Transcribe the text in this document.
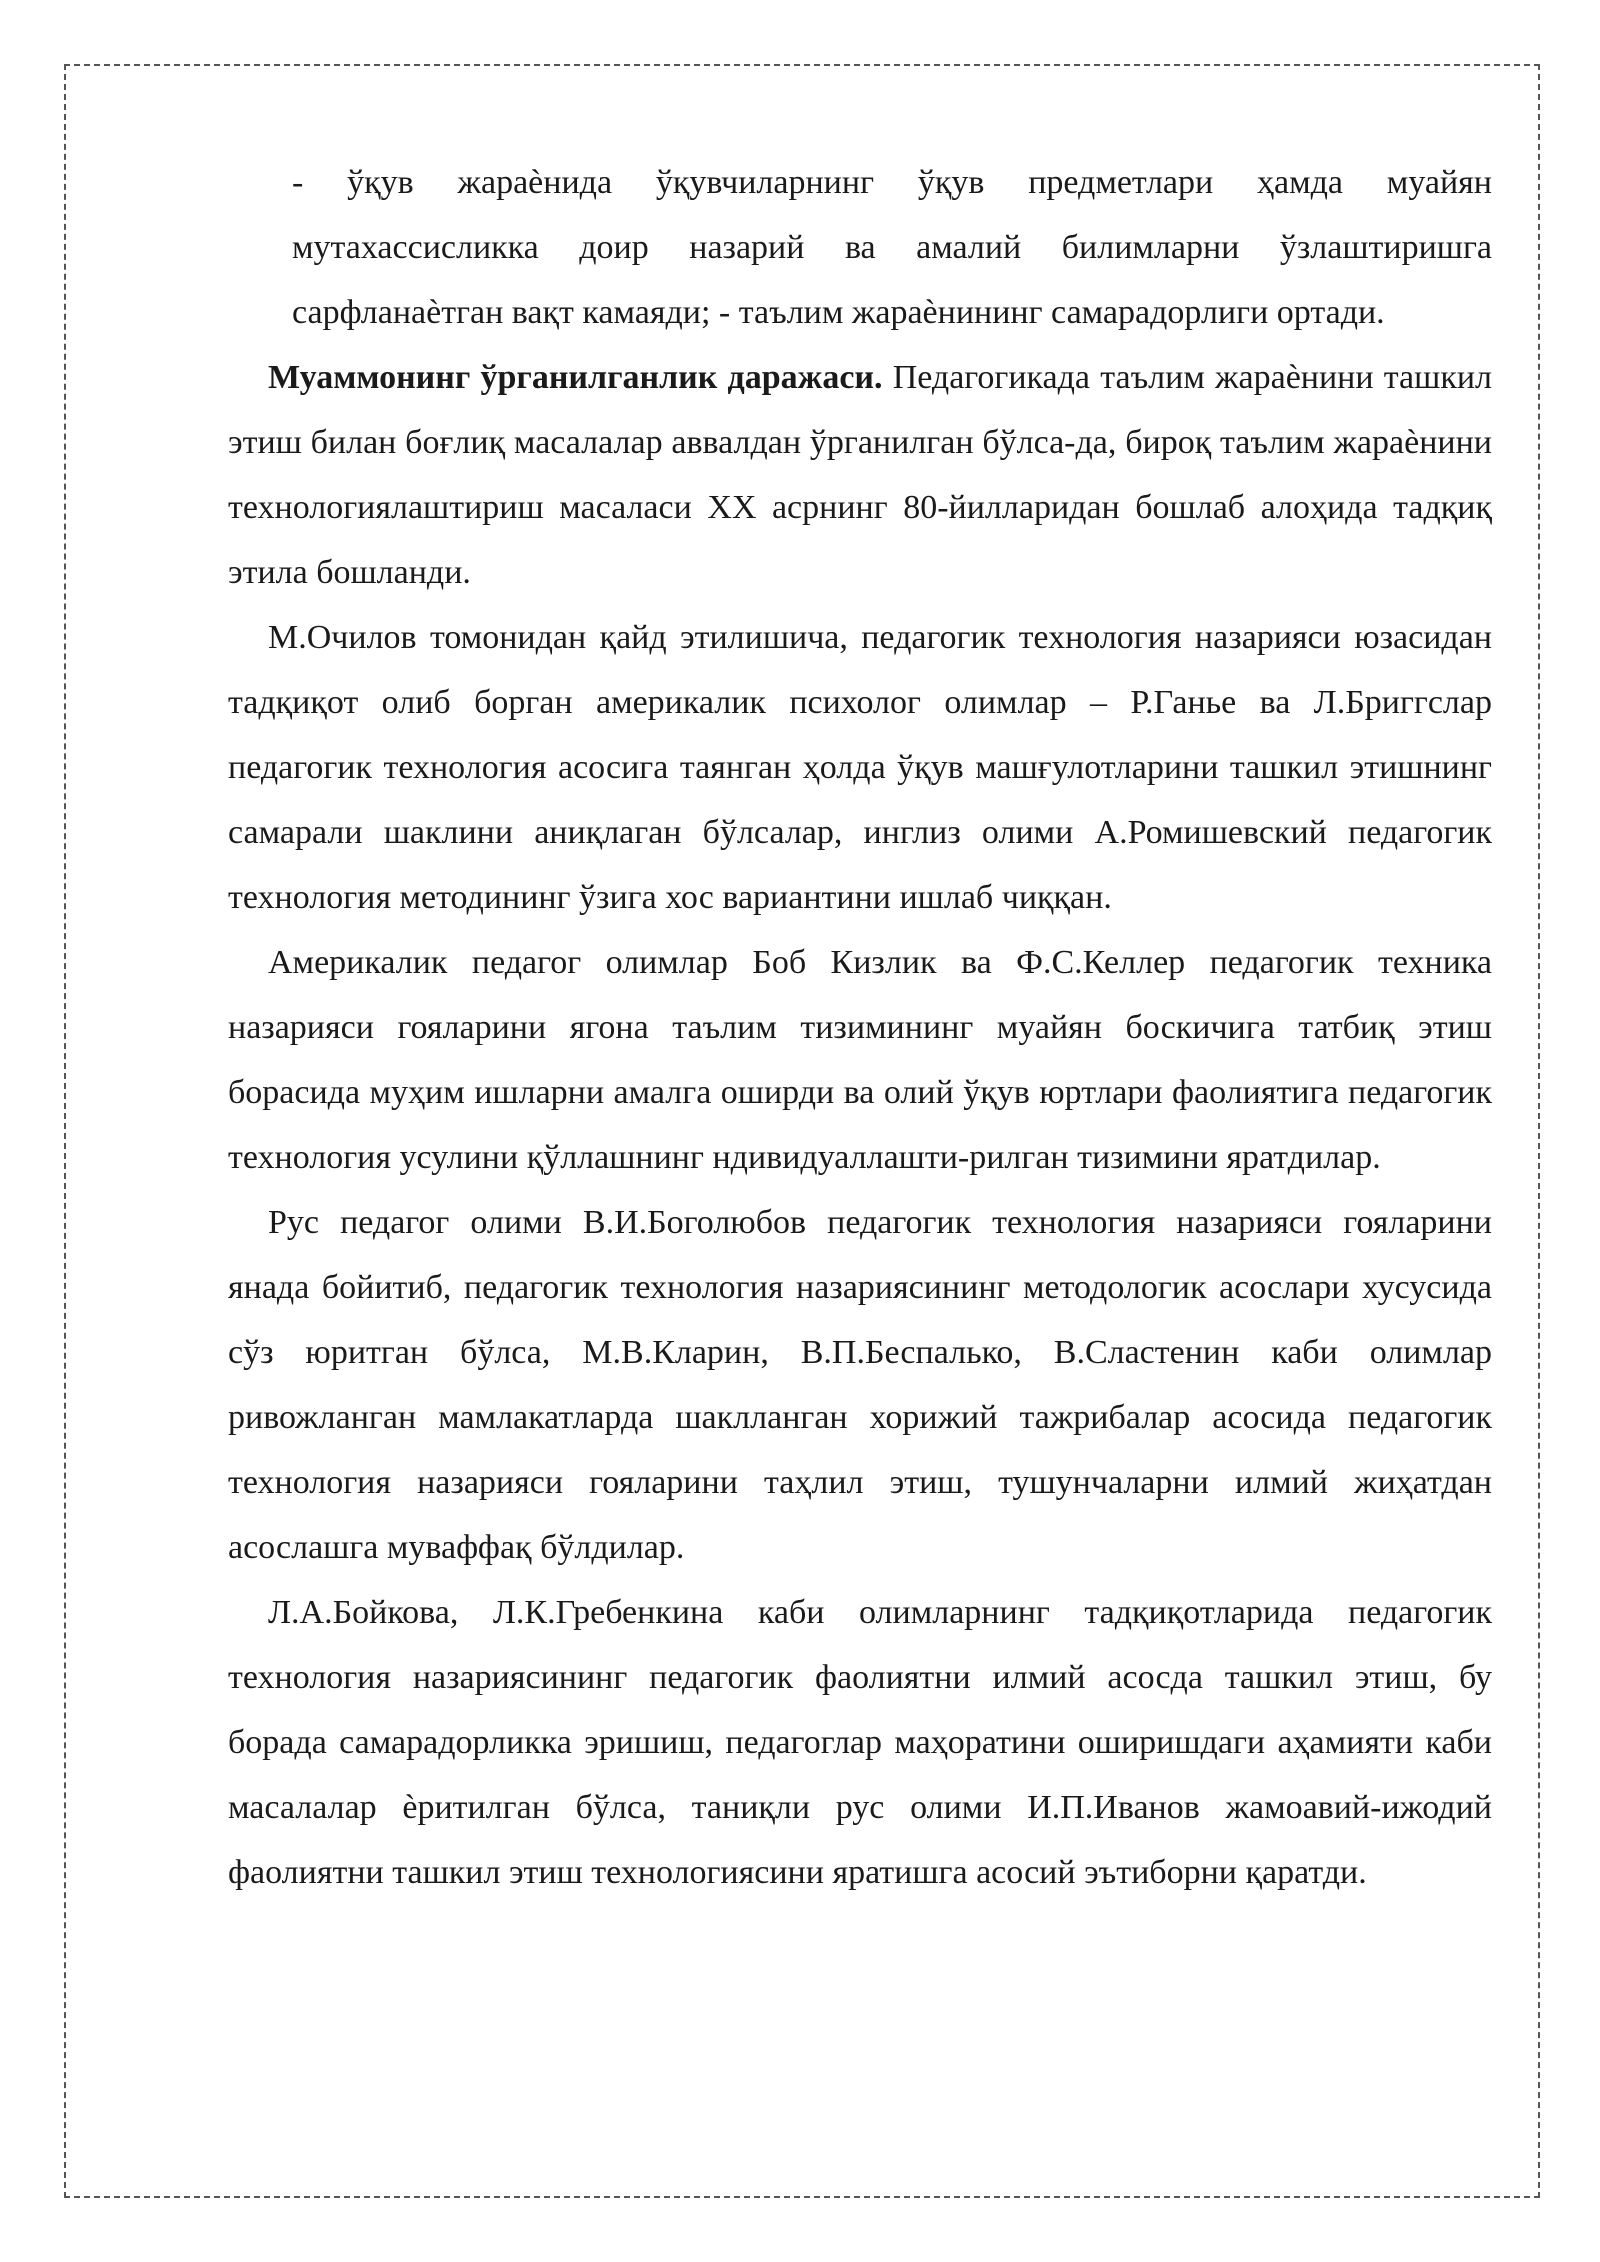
- ўқув жараѐнида ўқувчиларнинг ўқув предметлари ҳамда муайян мутахассисликка доир назарий ва амалий билимларни ўзлаштиришга сарфланаѐтган вақт камаяди; - таълим жараѐнининг самарадорлиги ортади.

Муаммонинг ўрганилганлик даражаси. Педагогикада таълим жараѐнини ташкил этиш билан боғлиқ масалалар аввалдан ўрганилган бўлса-да, бироқ таълим жараѐнини технологиялаштириш масаласи XX асрнинг 80-йилларидан бошлаб алоҳида тадқиқ этила бошланди.

М.Очилов томонидан қайд этилишича, педагогик технология назарияси юзасидан тадқиқот олиб борган америкалик психолог олимлар – Р.Ганье ва Л.Бриггслар педагогик технология асосига таянган ҳолда ўқув машғулотларини ташкил этишнинг самарали шаклини аниқлаган бўлсалар, инглиз олими А.Ромишевский педагогик технология методининг ўзига хос вариантини ишлаб чиққан.

Америкалик педагог олимлар Боб Кизлик ва Ф.С.Келлер педагогик техника назарияси гояларини ягона таълим тизимининг муайян боскичига татбиқ этиш борасида муҳим ишларни амалга оширди ва олий ўқув юртлари фаолиятига педагогик технология усулини қўллашнинг ндивидуаллашти-рилган тизимини яратдилар.

Рус педагог олими В.И.Боголюбов педагогик технология назарияси гояларини янада бойитиб, педагогик технология назариясининг методологик асослари хусусида сўз юритган бўлса, М.В.Кларин, В.П.Беспалько, В.Сластенин каби олимлар ривожланган мамлакатларда шаклланган хорижий тажрибалар асосида педагогик технология назарияси гояларини таҳлил этиш, тушунчаларни илмий жиҳатдан асослашга муваффақ бўлдилар.

Л.А.Бойкова, Л.К.Гребенкина каби олимларнинг тадқиқотларида педагогик технология назариясининг педагогик фаолиятни илмий асосда ташкил этиш, бу борада самарадорликка эришиш, педагоглар маҳоратини оширишдаги аҳамияти каби масалалар ѐритилган бўлса, таниқли рус олими И.П.Иванов жамоавий-ижодий фаолиятни ташкил этиш технологиясини яратишга асосий эътиборни қаратди.
